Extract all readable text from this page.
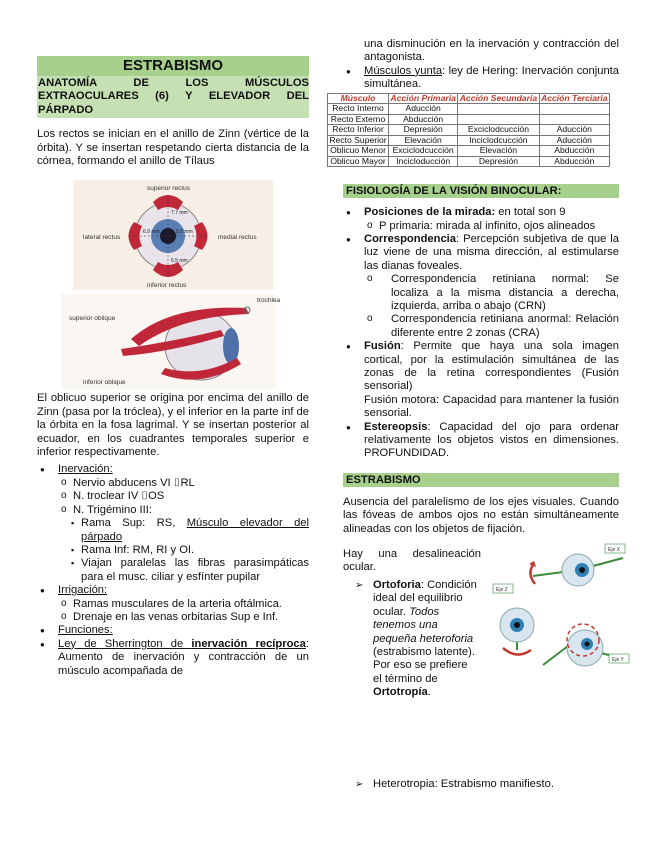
ESTRABISMO
ANATOMÍA DE LOS MÚSCULOS EXTRAOCULARES (6) Y ELEVADOR DEL PÁRPADO

Los rectos se inician en el anillo de Zinn (vértice de la órbita). Y se insertan respetando cierta distancia de la córnea, formando el anillo de Tílaus

superior rectus
lateral rectus	medial rectus
inferior rectus
7.7 mm
6.9 mm	5.5 mm
6.5 mm
trochlea
superior oblique
inferior oblique

El oblicuo superior se origina por encima del anillo de Zinn (pasa por la tróclea), y el inferior en la parte inf de la órbita en la fosa lagrimal. Y se insertan posterior al ecuador, en los cuadrantes temporales superior e inferior respectivamente.

● Inervación:
o Nervio abducens VI ⌷RL
o N. troclear IV ⌷OS
o N. Trigémino III:
▪ Rama Sup: RS, Músculo elevador del párpado
▪ Rama Inf: RM, RI y OI.
▪ Viajan paralelas las fibras parasimpáticas para el musc. ciliar y esfínter pupilar
● Irrigación:
o Ramas musculares de la arteria oftálmica.
o Drenaje en las venas orbitarias Sup e Inf.
● Funciones:
● Ley de Sherrington de inervación recíproca: Aumento de inervación y contracción de un músculo acompañada de

una disminución en la inervación y contracción del antagonista.

● Músculos yunta: ley de Hering: Inervación conjunta simultánea.
Músculo	Acción Primaria	Acción Secundaria	Acción Terciaria
Recto Interno	Aducción		
Recto Externo	Abducción		
Recto Inferior	Depresión	Exciclodcucción	Aducción
Recto Superior	Elevación	Inciclodcucción	Aducción
Oblicuo Menor	Exciclodcucción	Elevación	Abducción
Oblicuo Mayor	Incicloducción	Depresión	Abducción
FISIOLOGÍA DE LA VISIÓN BINOCULAR:
● Posiciones de la mirada: en total son 9
o P primaria: mirada al infinito, ojos alineados
● Correspondencia: Percepción subjetiva de que la luz viene de una misma dirección, al estimularse las dianas foveales.
o Correspondencia retiniana normal: Se localiza a la misma distancia a derecha, izquierda, arriba o abajo (CRN)
o Correspondencia retiniana anormal: Relación diferente entre 2 zonas (CRA)
● Fusión: Permite que haya una sola imagen cortical, por la estimulación simultánea de las zonas de la retina correspondientes (Fusión sensorial)
Fusión motora: Capacidad para mantener la fusión sensorial.
● Estereopsis: Capacidad del ojo para ordenar relativamente los objetos vistos en dimensiones. PROFUNDIDAD.
ESTRABISMO

Ausencia del paralelismo de los ejes visuales. Cuando las fóveas de ambos ojos no están simultáneamente alineadas con los objetos de fijación.

Eje X
Eje Z
Eje Y

Hay una desalineación ocular.

➢ Ortoforia: Condición ideal del equilibrio ocular. Todos tenemos una pequeña heteroforia (estrabismo latente). Por eso se prefiere el término de Ortotropía.
➢ Heterotropia: Estrabismo manifiesto.
